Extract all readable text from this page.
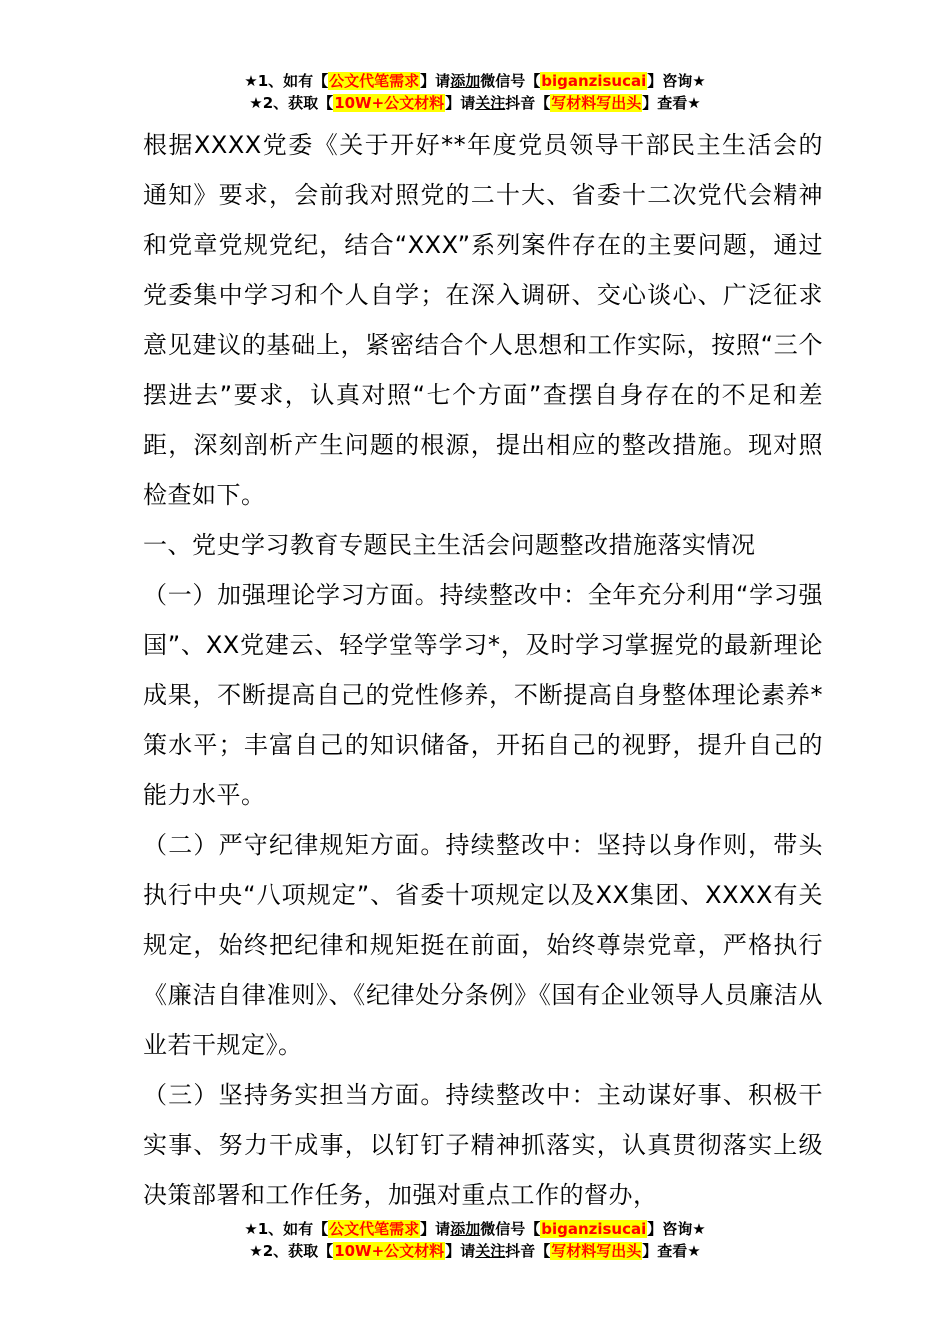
★1、如有【公文代笔需求】请添加微信号【biganzisucai】咨询★
★2、获取【10W+公文材料】请关注抖音【写材料写出头】查看★

根据XXXX党委《关于开好**年度党员领导干部民主生活会的通知》要求，会前我对照党的二十大、省委十二次党代会精神和党章党规党纪，结合“XXX”系列案件存在的主要问题，通过党委集中学习和个人自学；在深入调研、交心谈心、广泛征求意见建议的基础上，紧密结合个人思想和工作实际，按照“三个摆进去”要求，认真对照“七个方面”查摆自身存在的不足和差距，深刻剖析产生问题的根源，提出相应的整改措施。现对照检查如下。

一、党史学习教育专题民主生活会问题整改措施落实情况

（一）加强理论学习方面。持续整改中：全年充分利用“学习强国”、XX党建云、轻学堂等学习*，及时学习掌握党的最新理论成果，不断提高自己的党性修养，不断提高自身整体理论素养*策水平；丰富自己的知识储备，开拓自己的视野，提升自己的能力水平。

（二）严守纪律规矩方面。持续整改中：坚持以身作则，带头执行中央“八项规定”、省委十项规定以及XX集团、XXXX有关规定，始终把纪律和规矩挺在前面，始终尊崇党章，严格执行《廉洁自律准则》、《纪律处分条例》《国有企业领导人员廉洁从业若干规定》。

（三）坚持务实担当方面。持续整改中：主动谋好事、积极干实事、努力干成事，以钉钉子精神抓落实，认真贯彻落实上级决策部署和工作任务，加强对重点工作的督办，

★1、如有【公文代笔需求】请添加微信号【biganzisucai】咨询★
★2、获取【10W+公文材料】请关注抖音【写材料写出头】查看★
